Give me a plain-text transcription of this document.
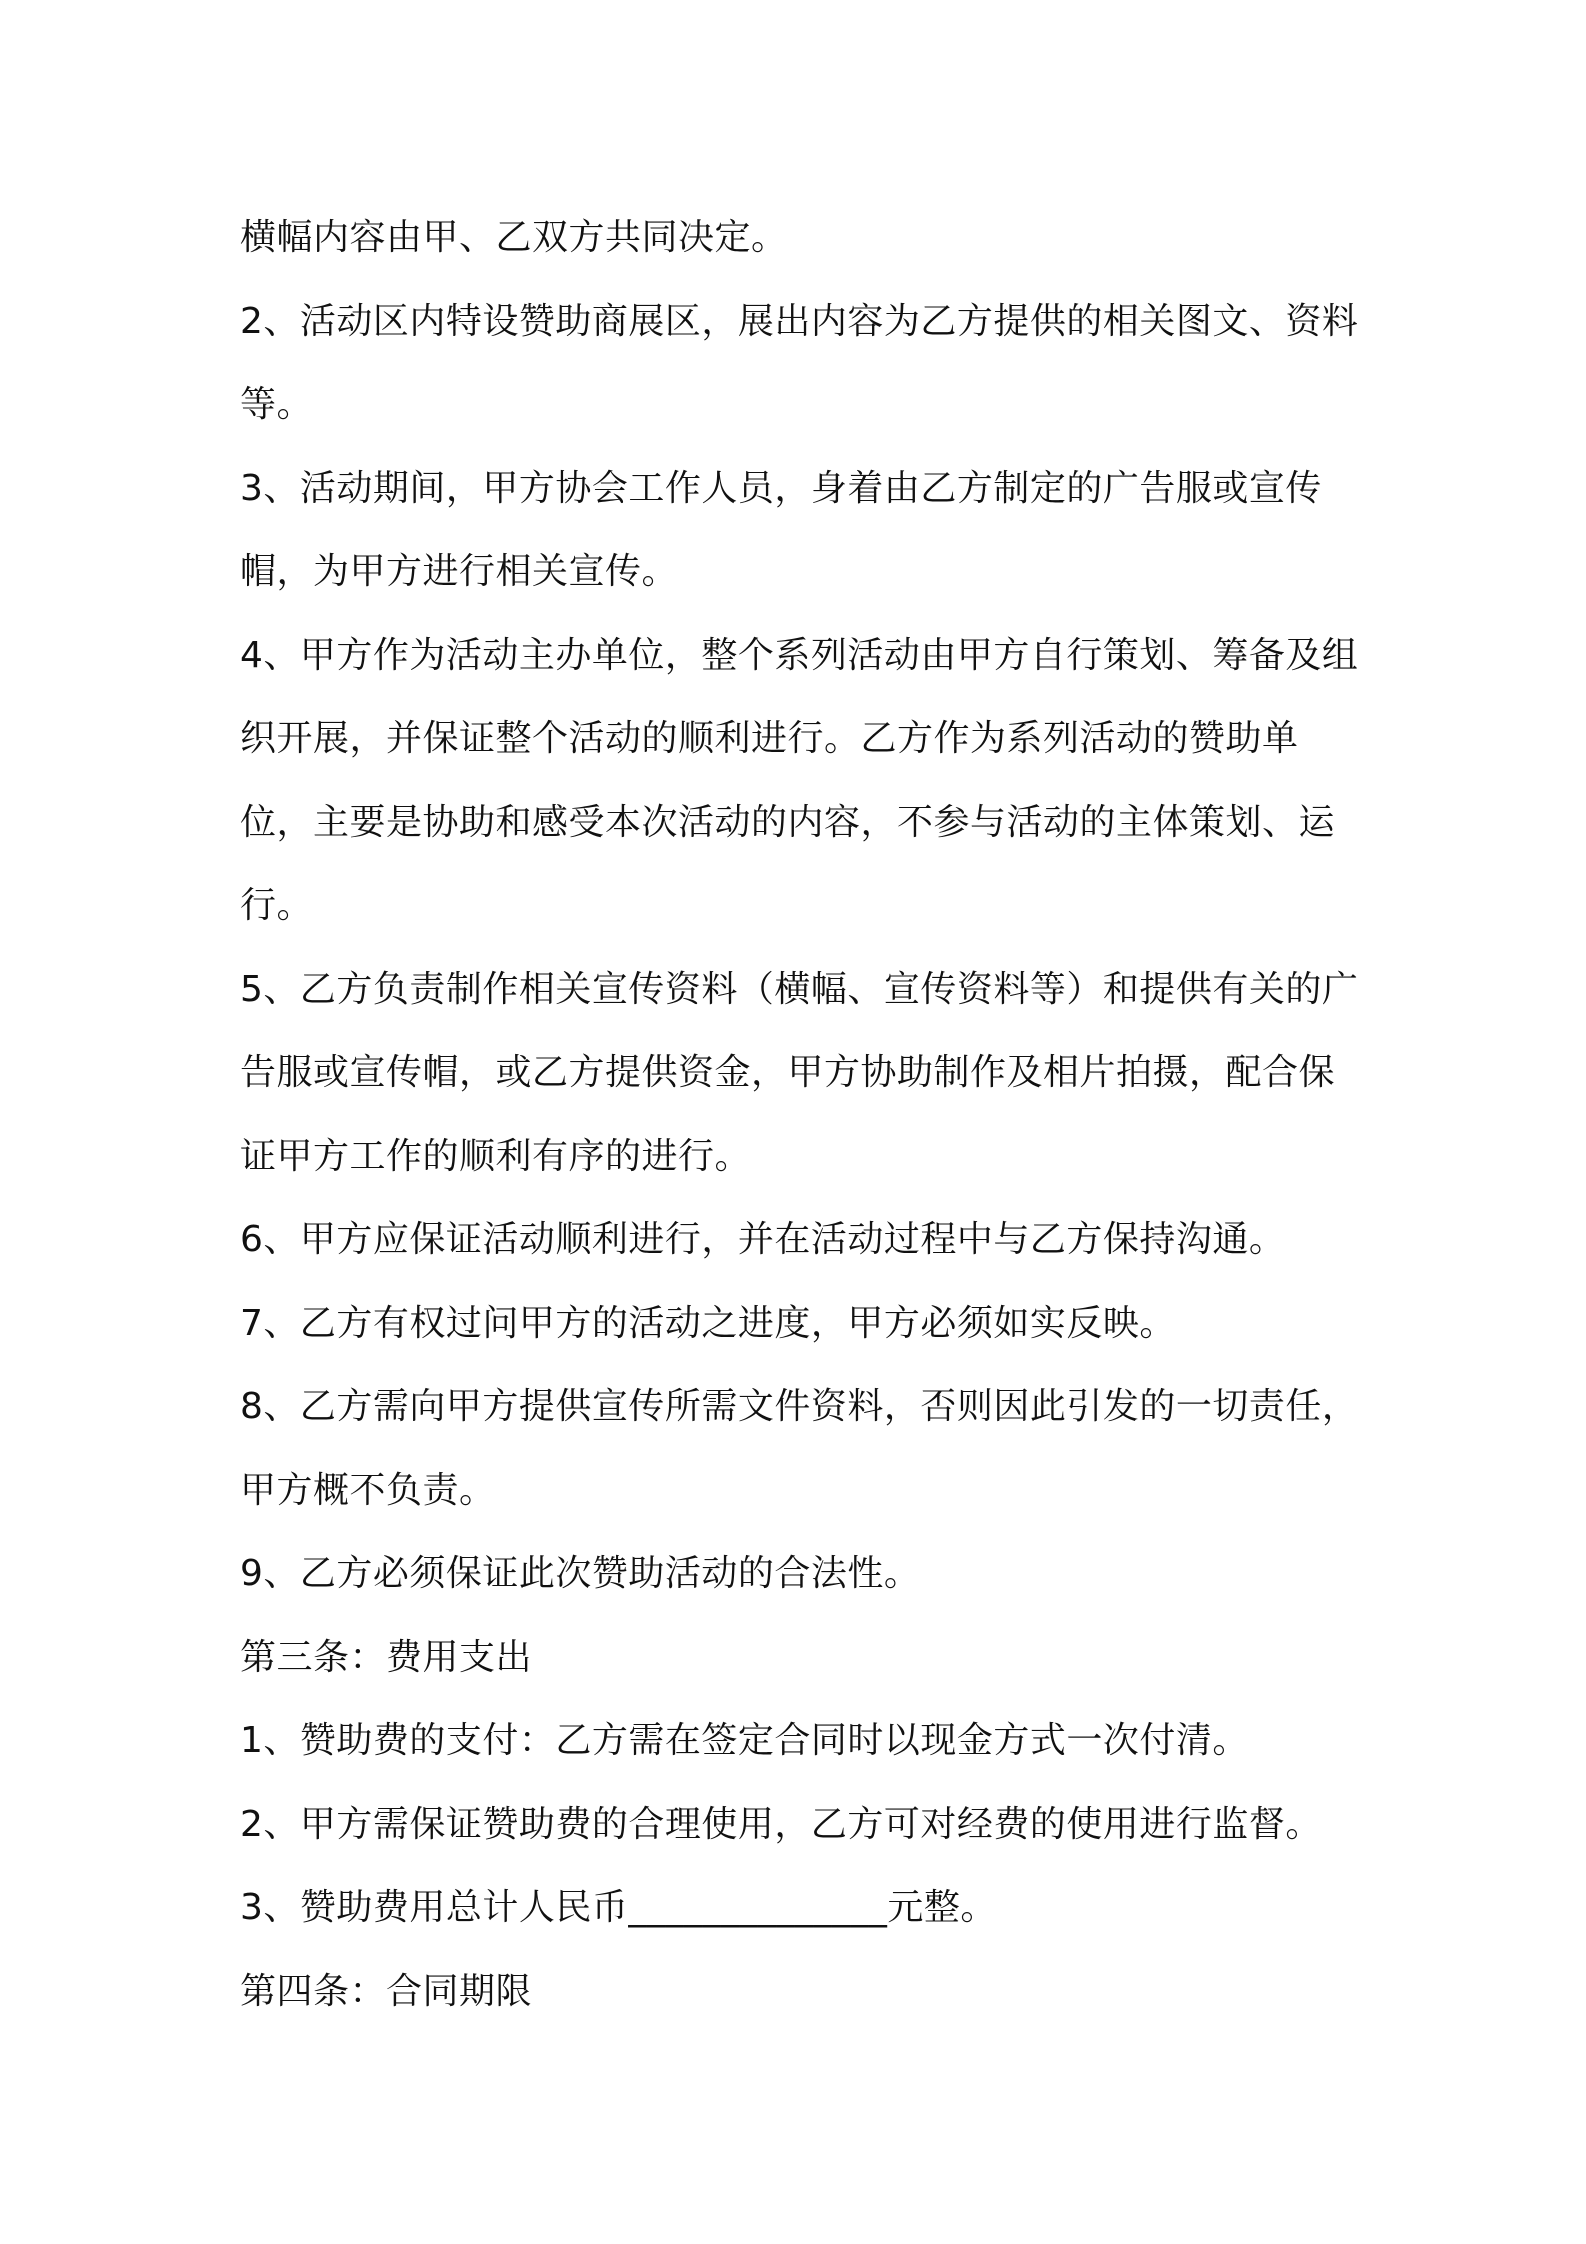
横幅内容由甲、乙双方共同决定。

2、活动区内特设赞助商展区，展出内容为乙方提供的相关图文、资料等。

3、活动期间，甲方协会工作人员，身着由乙方制定的广告服或宣传帽，为甲方进行相关宣传。

4、甲方作为活动主办单位，整个系列活动由甲方自行策划、筹备及组织开展，并保证整个活动的顺利进行。乙方作为系列活动的赞助单位，主要是协助和感受本次活动的内容，不参与活动的主体策划、运行。

5、乙方负责制作相关宣传资料（横幅、宣传资料等）和提供有关的广告服或宣传帽，或乙方提供资金，甲方协助制作及相片拍摄，配合保证甲方工作的顺利有序的进行。

6、甲方应保证活动顺利进行，并在活动过程中与乙方保持沟通。

7、乙方有权过问甲方的活动之进度，甲方必须如实反映。

8、乙方需向甲方提供宣传所需文件资料，否则因此引发的一切责任，甲方概不负责。

9、乙方必须保证此次赞助活动的合法性。

第三条：费用支出

1、赞助费的支付：乙方需在签定合同时以现金方式一次付清。

2、甲方需保证赞助费的合理使用，乙方可对经费的使用进行监督。

3、赞助费用总计人民币______________元整。

第四条：合同期限
